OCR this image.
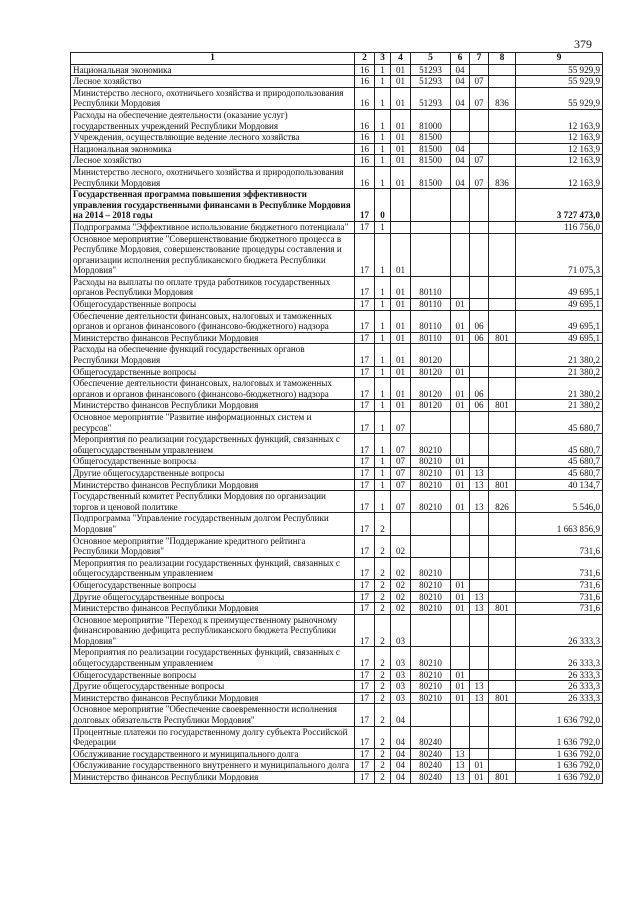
379
1	2	3	4	5	6	7	8	9
Национальная экономика	16	1	01	51293	04			55 929,9
Лесное хозяйство	16	1	01	51293	04	07		55 929,9
Министерство лесного, охотничьего хозяйства и природопользования Республики Мордовия	16	1	01	51293	04	07	836	55 929,9
Расходы на обеспечение деятельности (оказание услуг) государственных учреждений Республики Мордовия	16	1	01	81000				12 163,9
Учреждения, осуществляющие ведение лесного хозяйства	16	1	01	81500				12 163,9
Национальная экономика	16	1	01	81500	04			12 163,9
Лесное хозяйство	16	1	01	81500	04	07		12 163,9
Министерство лесного, охотничьего хозяйства и природопользования Республики Мордовия	16	1	01	81500	04	07	836	12 163,9
Государственная программа повышения эффективности управления государственными финансами в Республике Мордовия на 2014 – 2018 годы	17	0						3 727 473,0
Подпрограмма "Эффективное использование бюджетного потенциала"	17	1						116 756,0
Основное мероприятие "Совершенствование бюджетного процесса в Республике Мордовия, совершенствование процедуры составления и организации исполнения республиканского бюджета Республики Мордовия"	17	1	01					71 075,3
Расходы на выплаты по оплате труда работников государственных органов Республики Мордовия	17	1	01	80110				49 695,1
Общегосударственные вопросы	17	1	01	80110	01			49 695,1
Обеспечение деятельности финансовых, налоговых и таможенных органов и органов финансового (финансово-бюджетного) надзора	17	1	01	80110	01	06		49 695,1
Министерство финансов Республики Мордовия	17	1	01	80110	01	06	801	49 695,1
Расходы на обеспечение функций государственных органов Республики Мордовия	17	1	01	80120				21 380,2
Общегосударственные вопросы	17	1	01	80120	01			21 380,2
Обеспечение деятельности финансовых, налоговых и таможенных органов и органов финансового (финансово-бюджетного) надзора	17	1	01	80120	01	06		21 380,2
Министерство финансов Республики Мордовия	17	1	01	80120	01	06	801	21 380,2
Основное мероприятие "Развитие информационных систем и ресурсов"	17	1	07					45 680,7
Мероприятия по реализации государственных функций, связанных с общегосударственным управлением	17	1	07	80210				45 680,7
Общегосударственные вопросы	17	1	07	80210	01			45 680,7
Другие общегосударственные вопросы	17	1	07	80210	01	13		45 680,7
Министерство финансов Республики Мордовия	17	1	07	80210	01	13	801	40 134,7
Государственный комитет Республики Мордовия по организации торгов и ценовой политике	17	1	07	80210	01	13	826	5 546,0
Подпрограмма "Управление государственным долгом Республики Мордовия"	17	2						1 663 856,9
Основное мероприятие "Поддержание кредитного рейтинга Республики Мордовия"	17	2	02					731,6
Мероприятия по реализации государственных функций, связанных с общегосударственным управлением	17	2	02	80210				731,6
Общегосударственные вопросы	17	2	02	80210	01			731,6
Другие общегосударственные вопросы	17	2	02	80210	01	13		731,6
Министерство финансов Республики Мордовия	17	2	02	80210	01	13	801	731,6
Основное мероприятие "Переход к преимущественному рыночному финансированию дефицита республиканского бюджета Республики Мордовия"	17	2	03					26 333,3
Мероприятия по реализации государственных функций, связанных с общегосударственным управлением	17	2	03	80210				26 333,3
Общегосударственные вопросы	17	2	03	80210	01			26 333,3
Другие общегосударственные вопросы	17	2	03	80210	01	13		26 333,3
Министерство финансов Республики Мордовия	17	2	03	80210	01	13	801	26 333,3
Основное мероприятие "Обеспечение своевременности исполнения долговых обязательств Республики Мордовия"	17	2	04					1 636 792,0
Процентные платежи по государственному долгу субъекта Российской Федерации	17	2	04	80240				1 636 792,0
Обслуживание государственного и муниципального долга	17	2	04	80240	13			1 636 792,0
Обслуживание государственного внутреннего и муниципального долга	17	2	04	80240	13	01		1 636 792,0
Министерство финансов Республики Мордовия	17	2	04	80240	13	01	801	1 636 792,0
